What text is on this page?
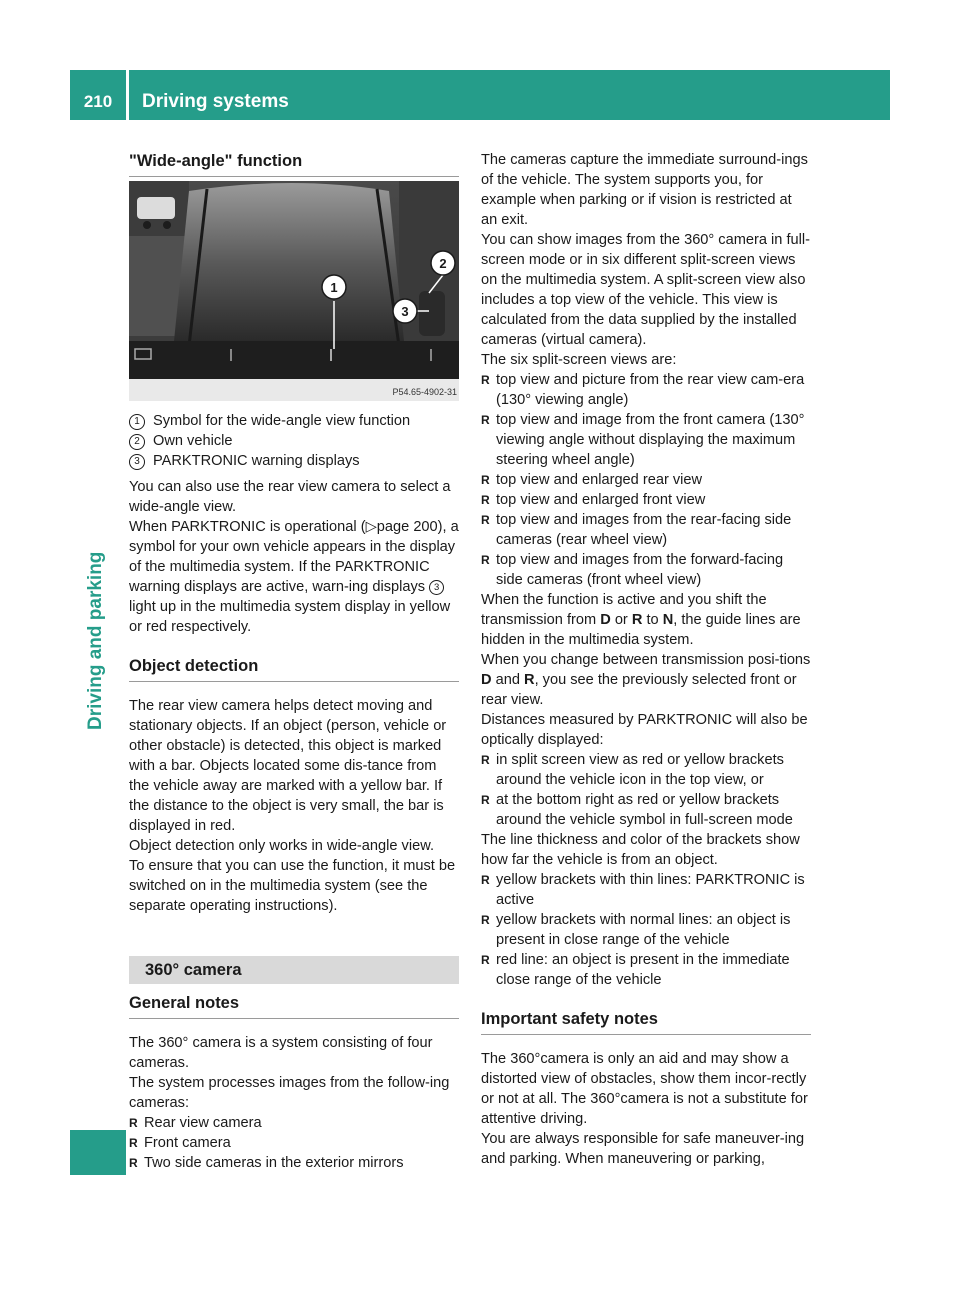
210	Driving systems
Driving and parking
"Wide-angle" function
1
2
3
P54.65-4902-31
1 Symbol for the wide-angle view function
2 Own vehicle
3 PARKTRONIC warning displays

You can also use the rear view camera to select a wide-angle view.

When PARKTRONIC is operational (▷page 200), a symbol for your own vehicle appears in the display of the multimedia system. If the PARKTRONIC warning displays are active, warn-ing displays 3 light up in the multimedia system display in yellow or red respectively.

Object detection

The rear view camera helps detect moving and stationary objects. If an object (person, vehicle or other obstacle) is detected, this object is marked with a bar. Objects located some dis-tance from the vehicle away are marked with a yellow bar. If the distance to the object is very small, the bar is displayed in red.

Object detection only works in wide-angle view.

To ensure that you can use the function, it must be switched on in the multimedia system (see the separate operating instructions).

360° camera
General notes

The 360° camera is a system consisting of four cameras.

The system processes images from the follow-ing cameras:

R Rear view camera
R Front camera
R Two side cameras in the exterior mirrors

The cameras capture the immediate surround-ings of the vehicle. The system supports you, for example when parking or if vision is restricted at an exit.

You can show images from the 360° camera in full-screen mode or in six different split-screen views on the multimedia system. A split-screen view also includes a top view of the vehicle. This view is calculated from the data supplied by the installed cameras (virtual camera).

The six split-screen views are:

R top view and picture from the rear view cam-era (130° viewing angle)
R top view and image from the front camera (130° viewing angle without displaying the maximum steering wheel angle)
R top view and enlarged rear view
R top view and enlarged front view
R top view and images from the rear-facing side cameras (rear wheel view)
R top view and images from the forward-facing side cameras (front wheel view)

When the function is active and you shift the transmission from D or R to N, the guide lines are hidden in the multimedia system.

When you change between transmission posi-tions D and R, you see the previously selected front or rear view.

Distances measured by PARKTRONIC will also be optically displayed:

R in split screen view as red or yellow brackets around the vehicle icon in the top view, or
R at the bottom right as red or yellow brackets around the vehicle symbol in full-screen mode

The line thickness and color of the brackets show how far the vehicle is from an object.

R yellow brackets with thin lines: PARKTRONIC is active
R yellow brackets with normal lines: an object is present in close range of the vehicle
R red line: an object is present in the immediate close range of the vehicle
Important safety notes

The 360°camera is only an aid and may show a distorted view of obstacles, show them incor-rectly or not at all. The 360°camera is not a substitute for attentive driving.

You are always responsible for safe maneuver-ing and parking. When maneuvering or parking,
